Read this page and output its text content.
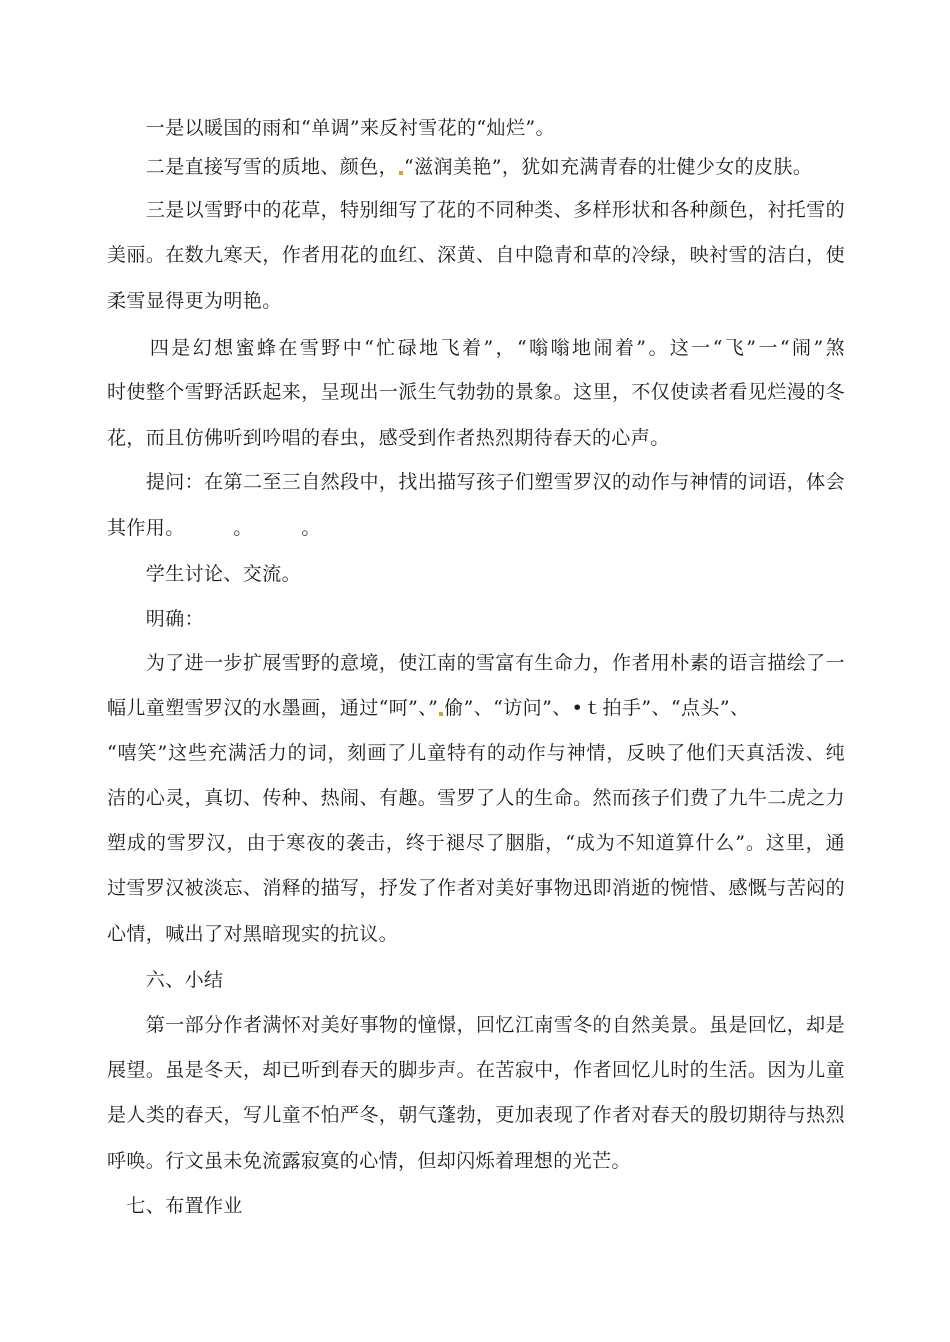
　　一是以暖国的雨和“单调”来反衬雪花的“灿烂”。
　　二是直接写雪的质地、颜色， “滋润美艳”，犹如充满青春的壮健少女的皮肤。
　　三是以雪野中的花草，特别细写了花的不同种类、多样形状和各种颜色，衬托雪的
美丽。在数九寒天，作者用花的血红、深黄、自中隐青和草的冷绿，映衬雪的洁白，使
柔雪显得更为明艳。
　　四是幻想蜜蜂在雪野中“忙碌地飞着”，“嗡嗡地闹着”。这一“飞”一“闹”煞
时使整个雪野活跃起来，呈现出一派生气勃勃的景象。这里，不仅使读者看见烂漫的冬
花，而且仿佛听到吟唱的春虫，感受到作者热烈期待春天的心声。
　　提问：在第二至三自然段中，找出描写孩子们塑雪罗汉的动作与神情的词语，体会
其作用。　　　。　　　。
　　学生讨论、交流。
　　明确：
　　为了进一步扩展雪野的意境，使江南的雪富有生命力，作者用朴素的语言描绘了一
幅儿童塑雪罗汉的水墨画，通过“呵”、” 偷”、“访问”、•ｔ拍手”、“点头”、
“嘻笑”这些充满活力的词，刻画了儿童特有的动作与神情，反映了他们天真活泼、纯
洁的心灵，真切、传种、热闹、有趣。雪罗了人的生命。然而孩子们费了九牛二虎之力
塑成的雪罗汉，由于寒夜的袭击，终于褪尽了胭脂，“成为不知道算什么”。这里，通
过雪罗汉被淡忘、消释的描写，抒发了作者对美好事物迅即消逝的惋惜、感慨与苦闷的
心情，喊出了对黑暗现实的抗议。
　　六、小结
　　第一部分作者满怀对美好事物的憧憬，回忆江南雪冬的自然美景。虽是回忆，却是
展望。虽是冬天，却已听到春天的脚步声。在苦寂中，作者回忆儿时的生活。因为儿童
是人类的春天，写儿童不怕严冬，朝气蓬勃，更加表现了作者对春天的殷切期待与热烈
呼唤。行文虽未免流露寂寞的心情，但却闪烁着理想的光芒。
　七、布置作业
